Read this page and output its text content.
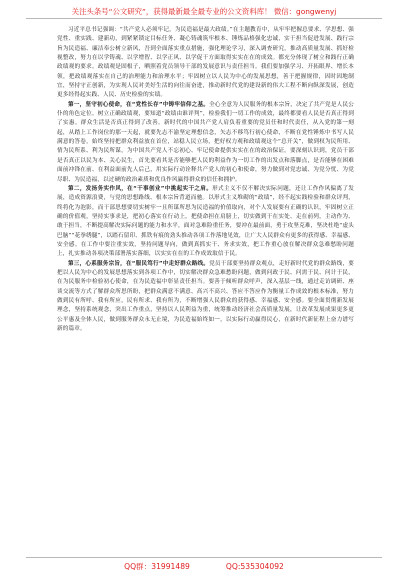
关注头条号“公文研究”，获得最新最全最专业的公文资料库！ 微信：gongwenyj

习近平总书记强调：“共产党人必须牢记，为民造福是最大政绩。”在主题教育中，从牢牢把握总要求、学思想、强党性、重实践、建新功，到紧紧锁定目标任务、凝心铸魂筑牢根本、锤炼品格强化忠诚，实干担当促进发展、践行宗旨为民造福、廉洁奉公树立新风，吾到全面落实重点措施，强化理论学习，深入调查研究，推动高质量发展、抓好检视整改，努力在以学铸魂、以学增智、以学正风、以学促干方面取得实实在在的成效。都充分体现了树立和践行正确政绩观的要求。政绩观是固根子，晒照着党员领导干部的发展意识与责任担当。我们要加强学习、开拓眼界、增长本领，把政绩观落实在自己的治理能力和治理水平；牢固树立以人民为中心的发展思想，善于把握规律，因时因地制宜，坚持守正创新，为实现人民对美好生活的向往而奋进，推动新时代党的建设新的伟大工程不断向纵深发展，创造更多经得起实践、人民、历史检验的实绩。

第一，坚守初心使命，在“党性长存”中铸牢信仰之基。全心全意为人民服务的根本宗旨，决定了共产党是人民公仆的角色定位。树立正确政绩观，要知道“政绩由谁评判”，检验我们一切工作的成效，最终都要看人民是否真正得到了实惠。群众生活是否真正得到了改善。新时代的中国共产党人肩负着重要的党员任和时代责任，从入党的第一刻起，从踏上工作岗位的那一天起，就要先志不渝坚定理想信念，矢志不移笃行初心使命，不断在党性锤炼中书写人民满意的答卷，始终坚持把群众利益放在首位，站稳人民立场，把好权力观和政绩观这个“总开关”，做到权为民所用、情为民所系、利为民所谋，为中国共产党人不忘初心、牢记使命提供实实在在的政治保证。要深刻认识到，党员干部是否真正以民为本、关心民生，首先要看其是否能够把人民的利益作为一切工作的出发点和落脚点，是否能够在困难面前冲锋在前、在利益面前先人后己，用实际行动诠释共产党人的初心和使命，努力做到对党忠诚、为党分忧、为党尽职、为民造福，以过硬的政治素质和优良作风赢得群众的信任和拥护。

第二，发扬务实作风，在“干事创业”中挑起实干之肩。形式主义不仅不解决实际问题，还让工作作风偏离了发展，造成资源浪费，与党的思想路线、根本宗旨背道而驰。以形式主义堆砌的“政绩”，经不起实践检验和群众评判，终将化为泡影，而干部思想要切实树牢一且所谋所思为民造福的价值取向，对个人发展要有正确的认识，牢固树立正确的价值观，坚持实事求是，把初心落实在行动上，把使命担在肩膀上，切实做到干在实处、走在前列，主动作为、敢于担当，不断提高解决实际问题的能力和水平，面对急难险重任务，要冲在最前面，勇于攻坚克难，坚决杜绝“虚头巴脑”“花拳绣腿”，以踏石留印、抓铁有痕的劲头推动各项工作落地见效，让广大人民群众有更多的获得感、幸福感、安全感。在工作中要注重实效，坚持问题导向，做到真抓实干、务求实效，把工作重心放在解决群众急难愁盼问题上，扎实推动各项决策部署落实落细，以实实在在的工作成效取信于民。

第三，心系服务宗旨，在“服民笃行”中走好群众路线。党员干部要坚持群众观点，走好新时代党的群众路线，要把以人民为中心的发展思想落实到各项工作中，切实解决群众急难愁盼问题，做到问政于民、问需于民、问计于民，在为民服务中检验初心使命，在为民造福中彰显责任担当。要善于倾听群众呼声，深入基层一线，通过走访调研、座谈交流等方式了解群众所思所盼，把群众满意不满意、高兴不高兴、答应不答应作为衡量工作成效的根本标准，努力做到民有所呼、我有所应，民有所求、我有所为，不断增强人民群众的获得感、幸福感、安全感。要全面贯彻新发展理念，坚持系统观念，突出工作重点，坚持以人民利益为重，统筹推动经济社会高质量发展，让改革发展成果更多更公平惠及全体人民，做到服务群众永无止境，为民造福始终如一，以实际行动赢得民心，在新时代新征程上奋力谱写新的篇章。

QQ群：31991489	QQ:535304092
